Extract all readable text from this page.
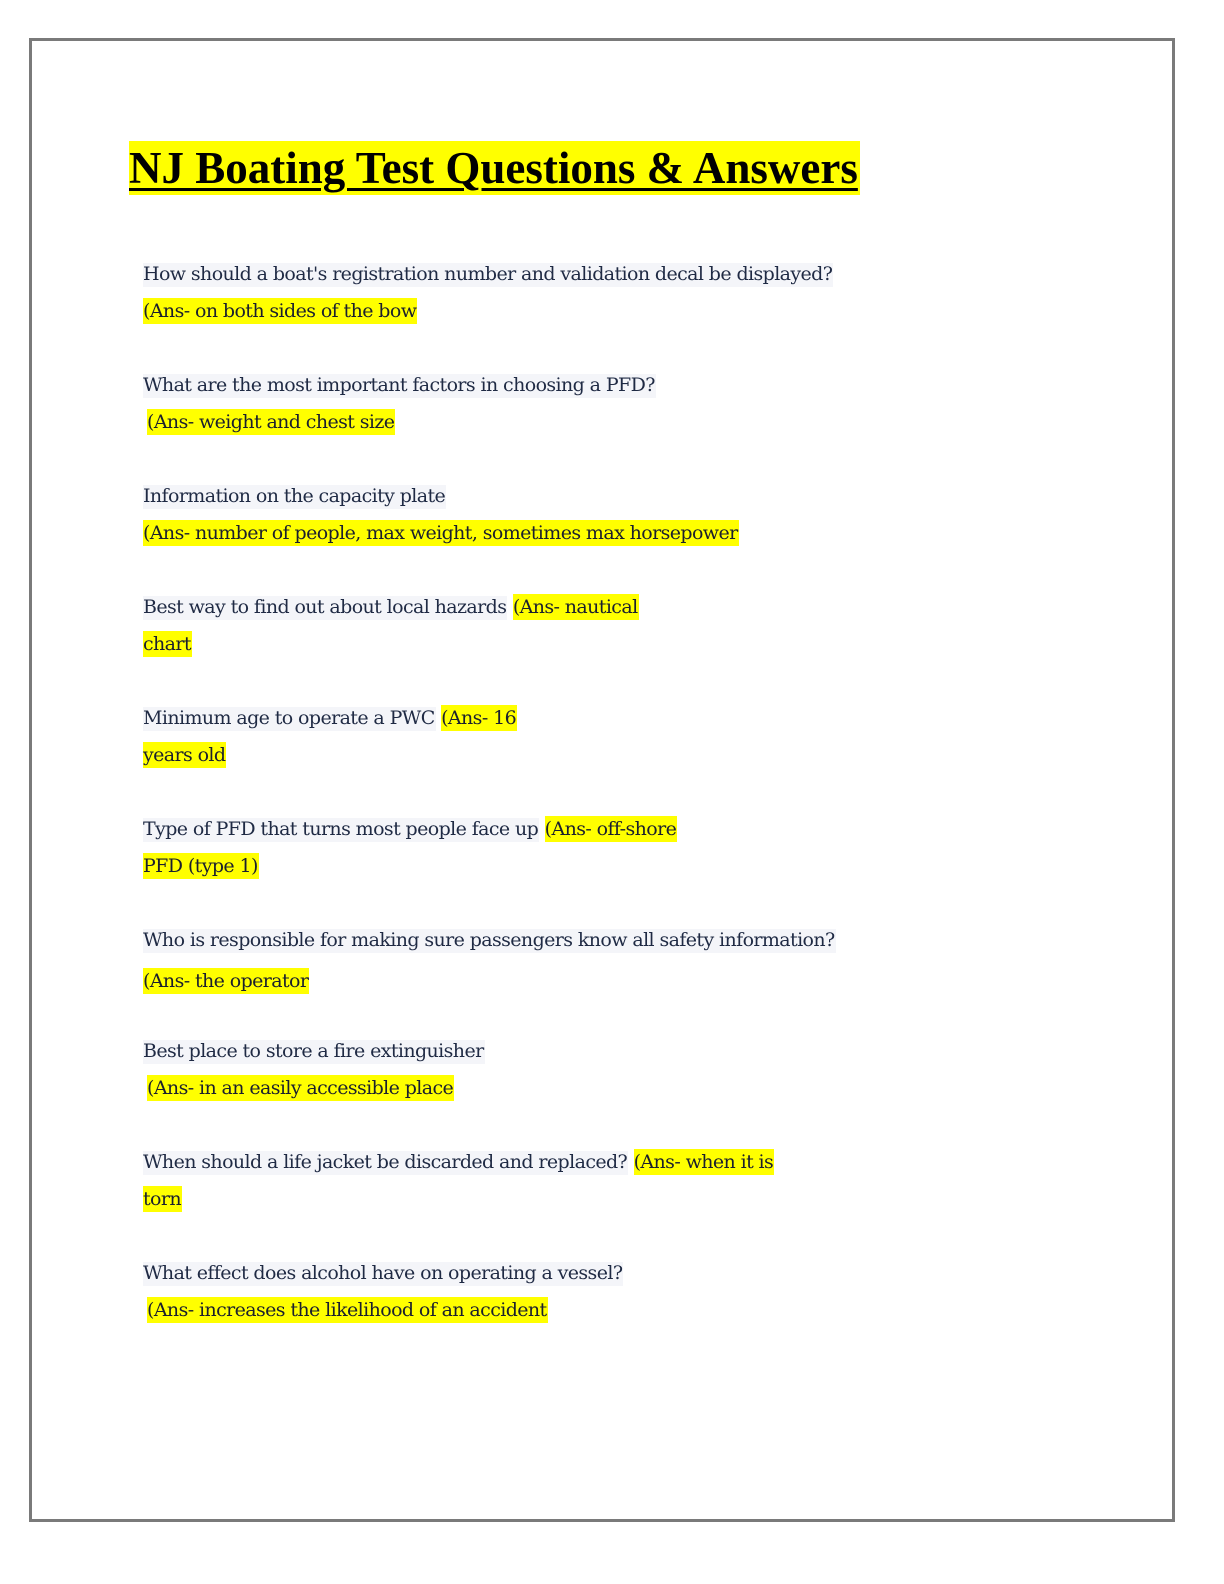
NJ Boating Test Questions & Answers
How should a boat's registration number and validation decal be displayed?
(Ans- on both sides of the bow
What are the most important factors in choosing a PFD?
(Ans- weight and chest size
Information on the capacity plate
(Ans- number of people, max weight, sometimes max horsepower
Best way to find out about local hazards (Ans- nautical
chart
Minimum age to operate a PWC (Ans- 16
years old
Type of PFD that turns most people face up (Ans- off-shore
PFD (type 1)
Who is responsible for making sure passengers know all safety information?
(Ans- the operator
Best place to store a fire extinguisher
(Ans- in an easily accessible place
When should a life jacket be discarded and replaced? (Ans- when it is
torn
What effect does alcohol have on operating a vessel?
(Ans- increases the likelihood of an accident
